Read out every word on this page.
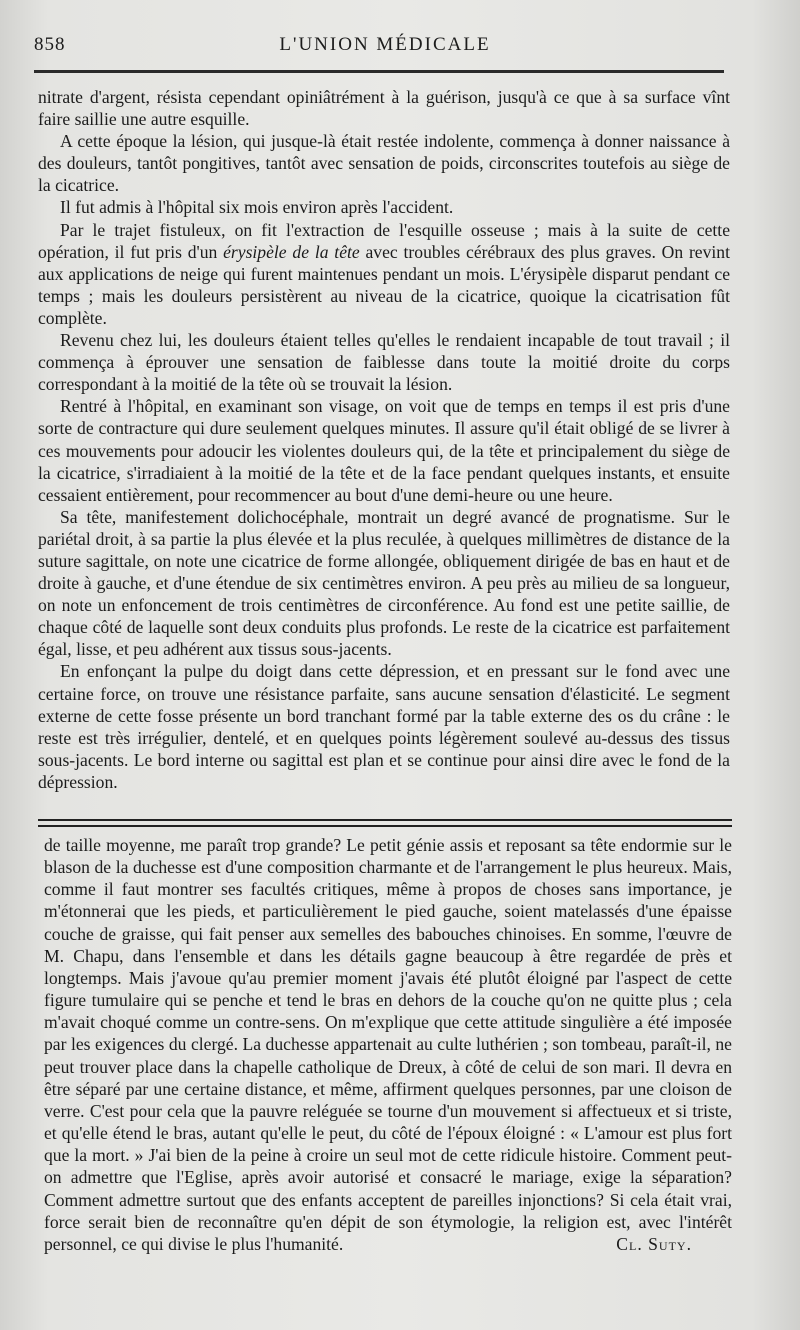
858	L'UNION MÉDICALE

nitrate d'argent, résista cependant opiniâtrément à la guérison, jusqu'à ce que à sa surface vînt faire saillie une autre esquille.

A cette époque la lésion, qui jusque-là était restée indolente, commença à donner naissance à des douleurs, tantôt pongitives, tantôt avec sensation de poids, circonscrites toutefois au siège de la cicatrice.

Il fut admis à l'hôpital six mois environ après l'accident.

Par le trajet fistuleux, on fit l'extraction de l'esquille osseuse ; mais à la suite de cette opération, il fut pris d'un érysipèle de la tête avec troubles cérébraux des plus graves. On revint aux applications de neige qui furent maintenues pendant un mois. L'érysipèle disparut pendant ce temps ; mais les douleurs persistèrent au niveau de la cicatrice, quoique la cicatrisation fût complète.

Revenu chez lui, les douleurs étaient telles qu'elles le rendaient incapable de tout travail ; il commença à éprouver une sensation de faiblesse dans toute la moitié droite du corps correspondant à la moitié de la tête où se trouvait la lésion.

Rentré à l'hôpital, en examinant son visage, on voit que de temps en temps il est pris d'une sorte de contracture qui dure seulement quelques minutes. Il assure qu'il était obligé de se livrer à ces mouvements pour adoucir les violentes douleurs qui, de la tête et principalement du siège de la cicatrice, s'irradiaient à la moitié de la tête et de la face pendant quelques instants, et ensuite cessaient entièrement, pour recommencer au bout d'une demi-heure ou une heure.

Sa tête, manifestement dolichocéphale, montrait un degré avancé de prognatisme. Sur le pariétal droit, à sa partie la plus élevée et la plus reculée, à quelques millimètres de distance de la suture sagittale, on note une cicatrice de forme allongée, obliquement dirigée de bas en haut et de droite à gauche, et d'une étendue de six centimètres environ. A peu près au milieu de sa longueur, on note un enfoncement de trois centimètres de circonférence. Au fond est une petite saillie, de chaque côté de laquelle sont deux conduits plus profonds. Le reste de la cicatrice est parfaitement égal, lisse, et peu adhérent aux tissus sous-jacents.

En enfonçant la pulpe du doigt dans cette dépression, et en pressant sur le fond avec une certaine force, on trouve une résistance parfaite, sans aucune sensation d'élasticité. Le segment externe de cette fosse présente un bord tranchant formé par la table externe des os du crâne : le reste est très irrégulier, dentelé, et en quelques points légèrement soulevé au-dessus des tissus sous-jacents. Le bord interne ou sagittal est plan et se continue pour ainsi dire avec le fond de la dépression.

de taille moyenne, me paraît trop grande? Le petit génie assis et reposant sa tête endormie sur le blason de la duchesse est d'une composition charmante et de l'arrangement le plus heureux. Mais, comme il faut montrer ses facultés critiques, même à propos de choses sans importance, je m'étonnerai que les pieds, et particulièrement le pied gauche, soient matelassés d'une épaisse couche de graisse, qui fait penser aux semelles des babouches chinoises. En somme, l'œuvre de M. Chapu, dans l'ensemble et dans les détails gagne beaucoup à être regardée de près et longtemps. Mais j'avoue qu'au premier moment j'avais été plutôt éloigné par l'aspect de cette figure tumulaire qui se penche et tend le bras en dehors de la couche qu'on ne quitte plus ; cela m'avait choqué comme un contre-sens. On m'explique que cette attitude singulière a été imposée par les exigences du clergé. La duchesse appartenait au culte luthérien ; son tombeau, paraît-il, ne peut trouver place dans la chapelle catholique de Dreux, à côté de celui de son mari. Il devra en être séparé par une certaine distance, et même, affirment quelques personnes, par une cloison de verre. C'est pour cela que la pauvre reléguée se tourne d'un mouvement si affectueux et si triste, et qu'elle étend le bras, autant qu'elle le peut, du côté de l'époux éloigné : « L'amour est plus fort que la mort. » J'ai bien de la peine à croire un seul mot de cette ridicule histoire. Comment peut-on admettre que l'Eglise, après avoir autorisé et consacré le mariage, exige la séparation? Comment admettre surtout que des enfants acceptent de pareilles injonctions? Si cela était vrai, force serait bien de reconnaître qu'en dépit de son étymologie, la religion est, avec l'intérêt personnel, ce qui divise le plus l'humanité.	Cl. Suty.
